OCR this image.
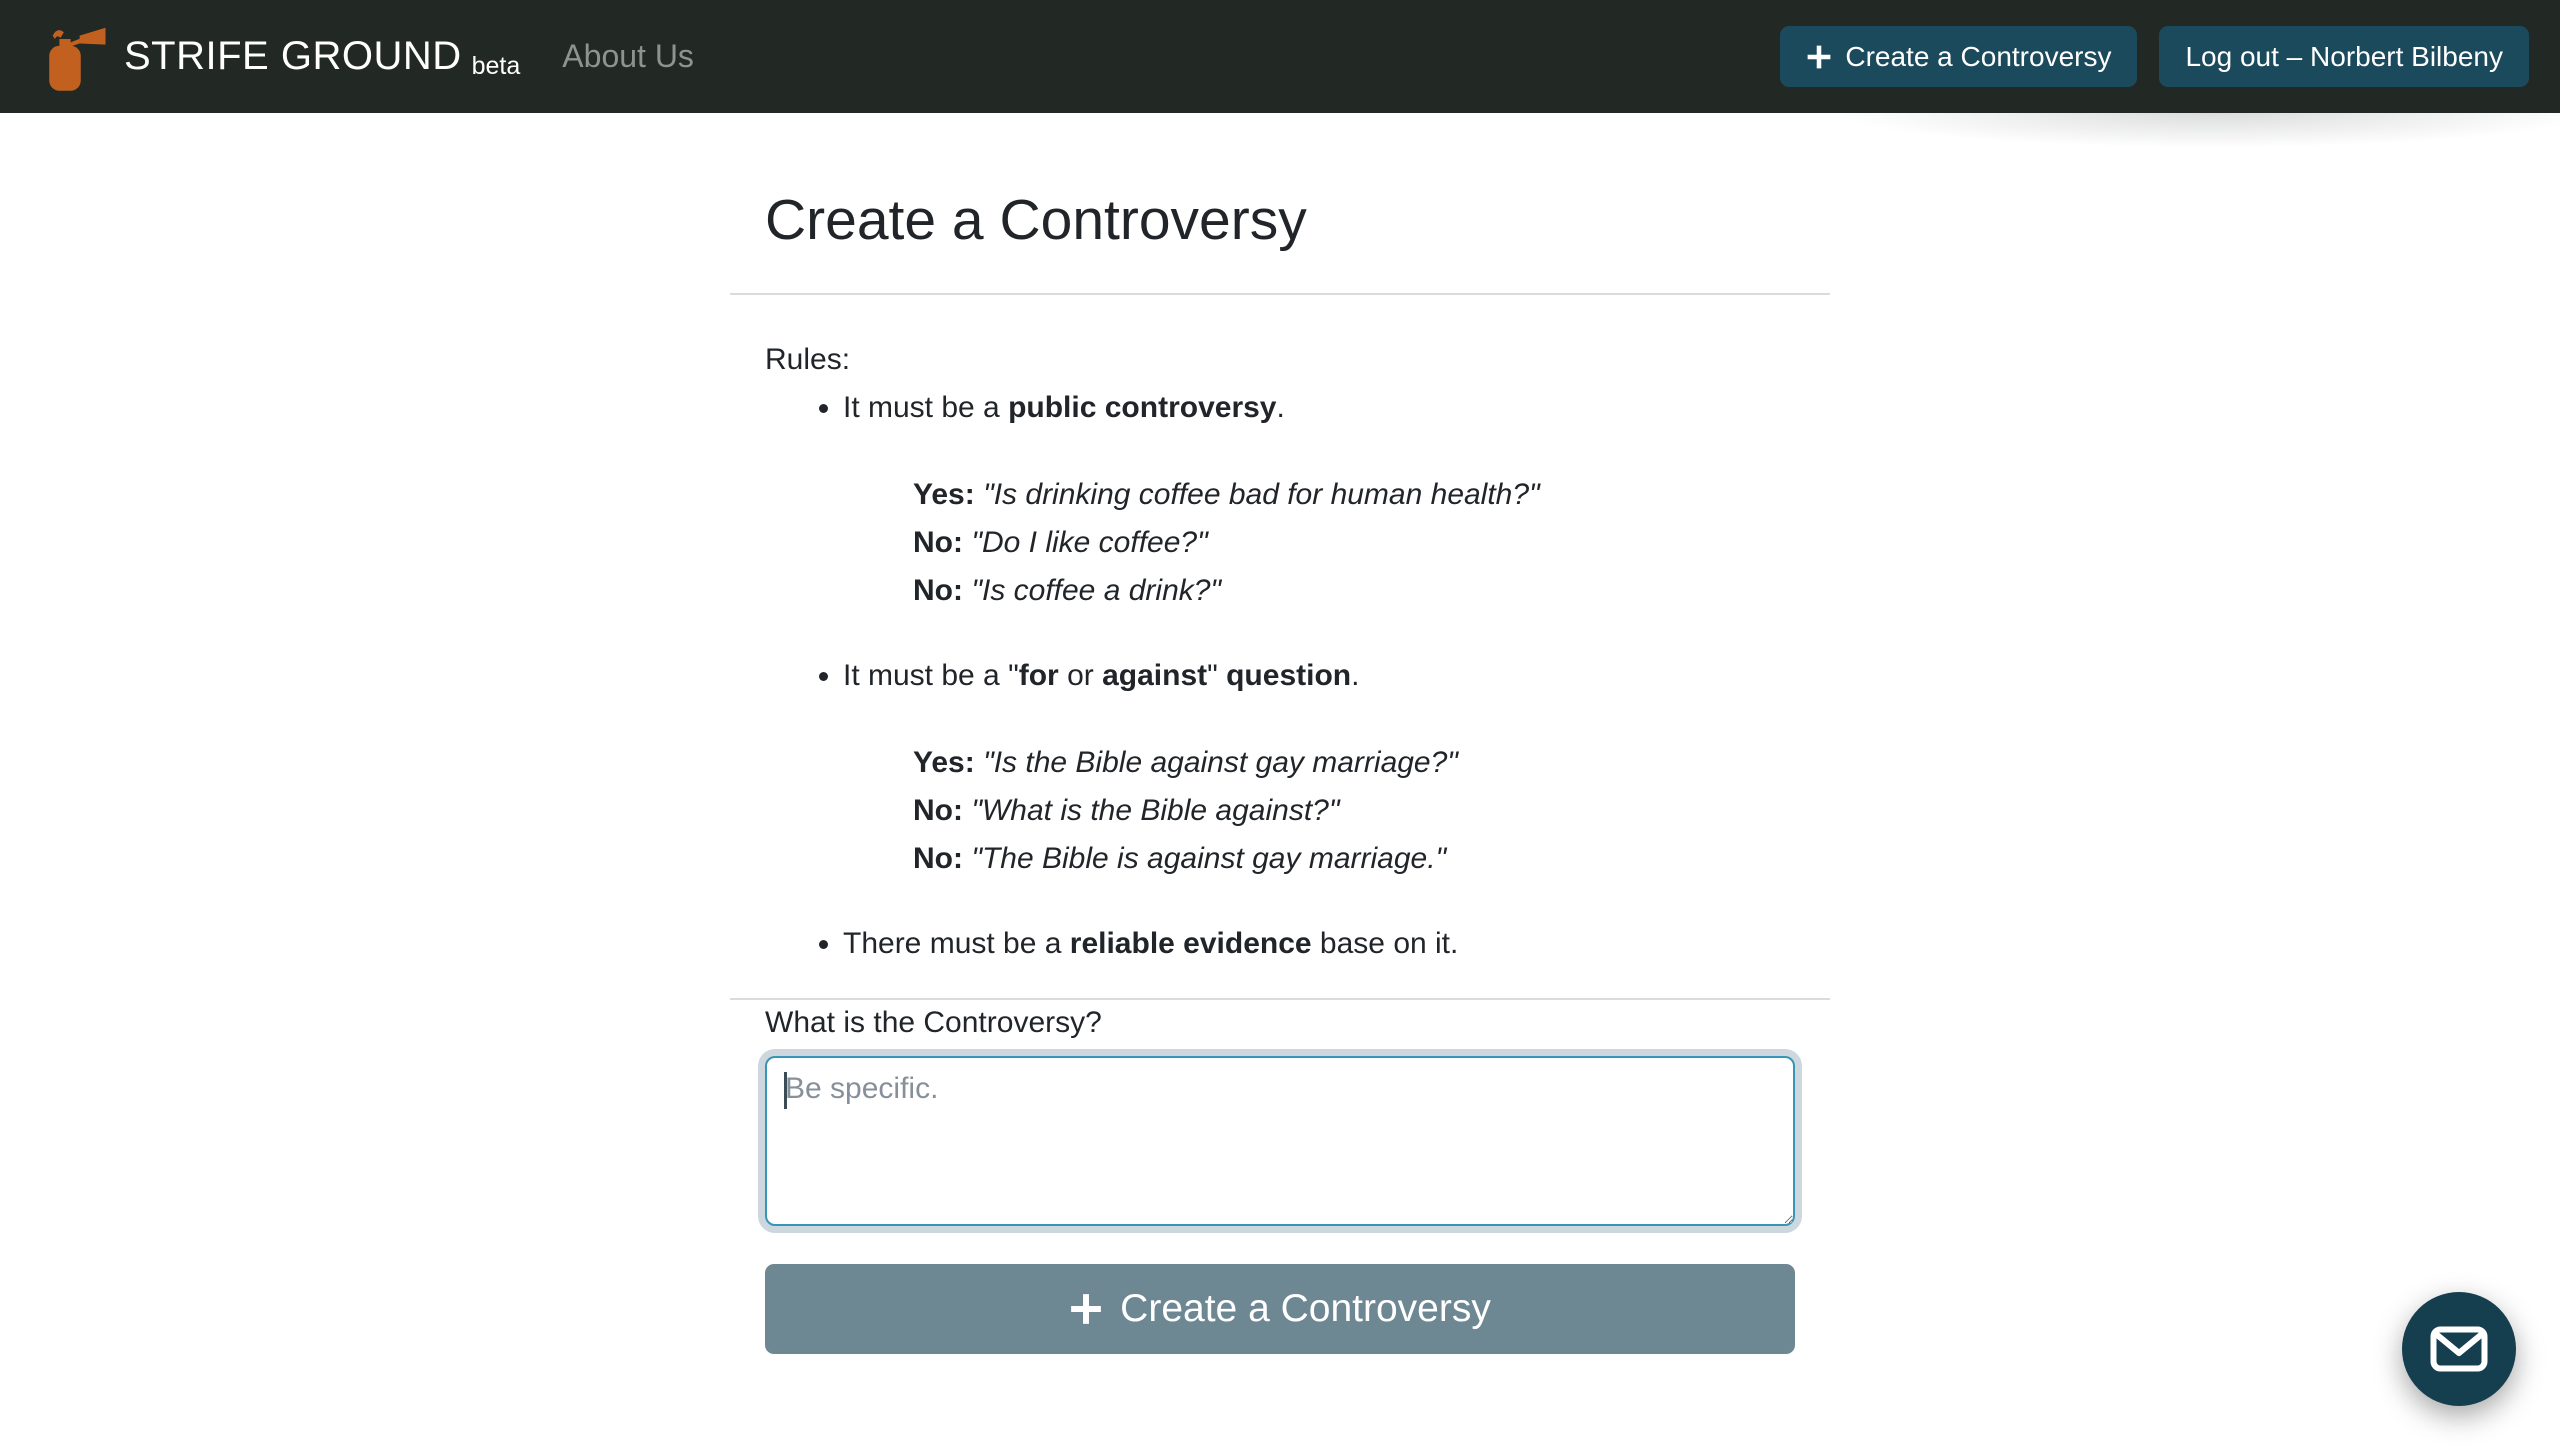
STRIFE GROUND beta About Us	Create a Controversy	Log out – Norbert Bilbeny
Create a Controversy
Rules:
• It must be a public controversy.
Yes: "Is drinking coffee bad for human health?"
No: "Do I like coffee?"
No: "Is coffee a drink?"
• It must be a "for or against" question.
Yes: "Is the Bible against gay marriage?"
No: "What is the Bible against?"
No: "The Bible is against gay marriage."
• There must be a reliable evidence base on it.
What is the Controversy?
Be specific.
Create a Controversy
